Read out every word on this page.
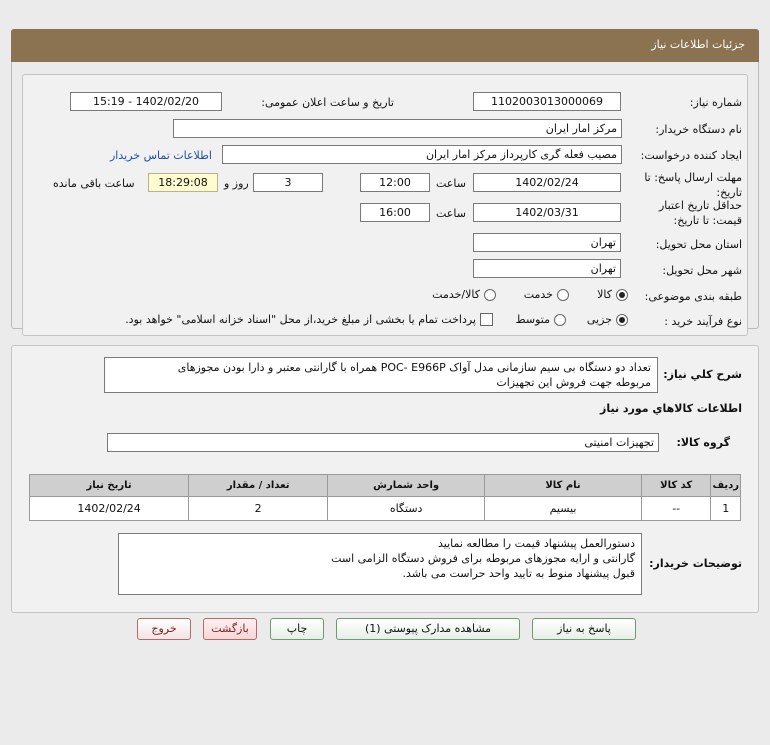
جزئیات اطلاعات نیاز
شماره نیاز:
1102003013000069
تاریخ و ساعت اعلان عمومی:
1402/02/20 - 15:19
نام دستگاه خریدار:
مرکز امار ایران
ایجاد کننده درخواست:
مصیب فعله گری کارپرداز مرکز امار ایران
اطلاعات تماس خریدار
مهلت ارسال پاسخ: تا تاریخ:
1402/02/24
ساعت
12:00
3
روز و
18:29:08
ساعت باقی مانده
حداقل تاریخ اعتبار قیمت: تا تاریخ:
1402/03/31
ساعت
16:00
استان محل تحویل:
تهران
شهر محل تحویل:
تهران
طبقه بندی موضوعی:
کالا
خدمت
کالا/خدمت
نوع فرآیند خرید :
جزیی
متوسط
پرداخت تمام یا بخشی از مبلغ خرید،از محل "اسناد خزانه اسلامی" خواهد بود.
شرح كلي نياز:
تعداد دو دستگاه بی سیم سازمانی مدل آواک POC- E966P همراه با گارانتی معتبر و دارا بودن مجوزهای
مربوطه جهت فروش این تجهیزات
اطلاعات كالاهاي مورد نياز
گروه کالا:
تجهیزات امنیتی
ردیف	کد کالا	نام کالا	واحد شمارش	تعداد / مقدار	تاریخ نیاز
1	--	بیسیم	دستگاه	2	1402/02/24
توضیحات خریدار:
دستورالعمل پیشنهاد قیمت را مطالعه نمایید
گارانتی و ارایه مجوزهای مربوطه برای فروش دستگاه الزامی است
قبول پیشنهاد منوط به تایید واحد حراست می باشد.
پاسخ به نیاز
مشاهده مدارک پیوستی (1)
چاپ
بازگشت
خروج
